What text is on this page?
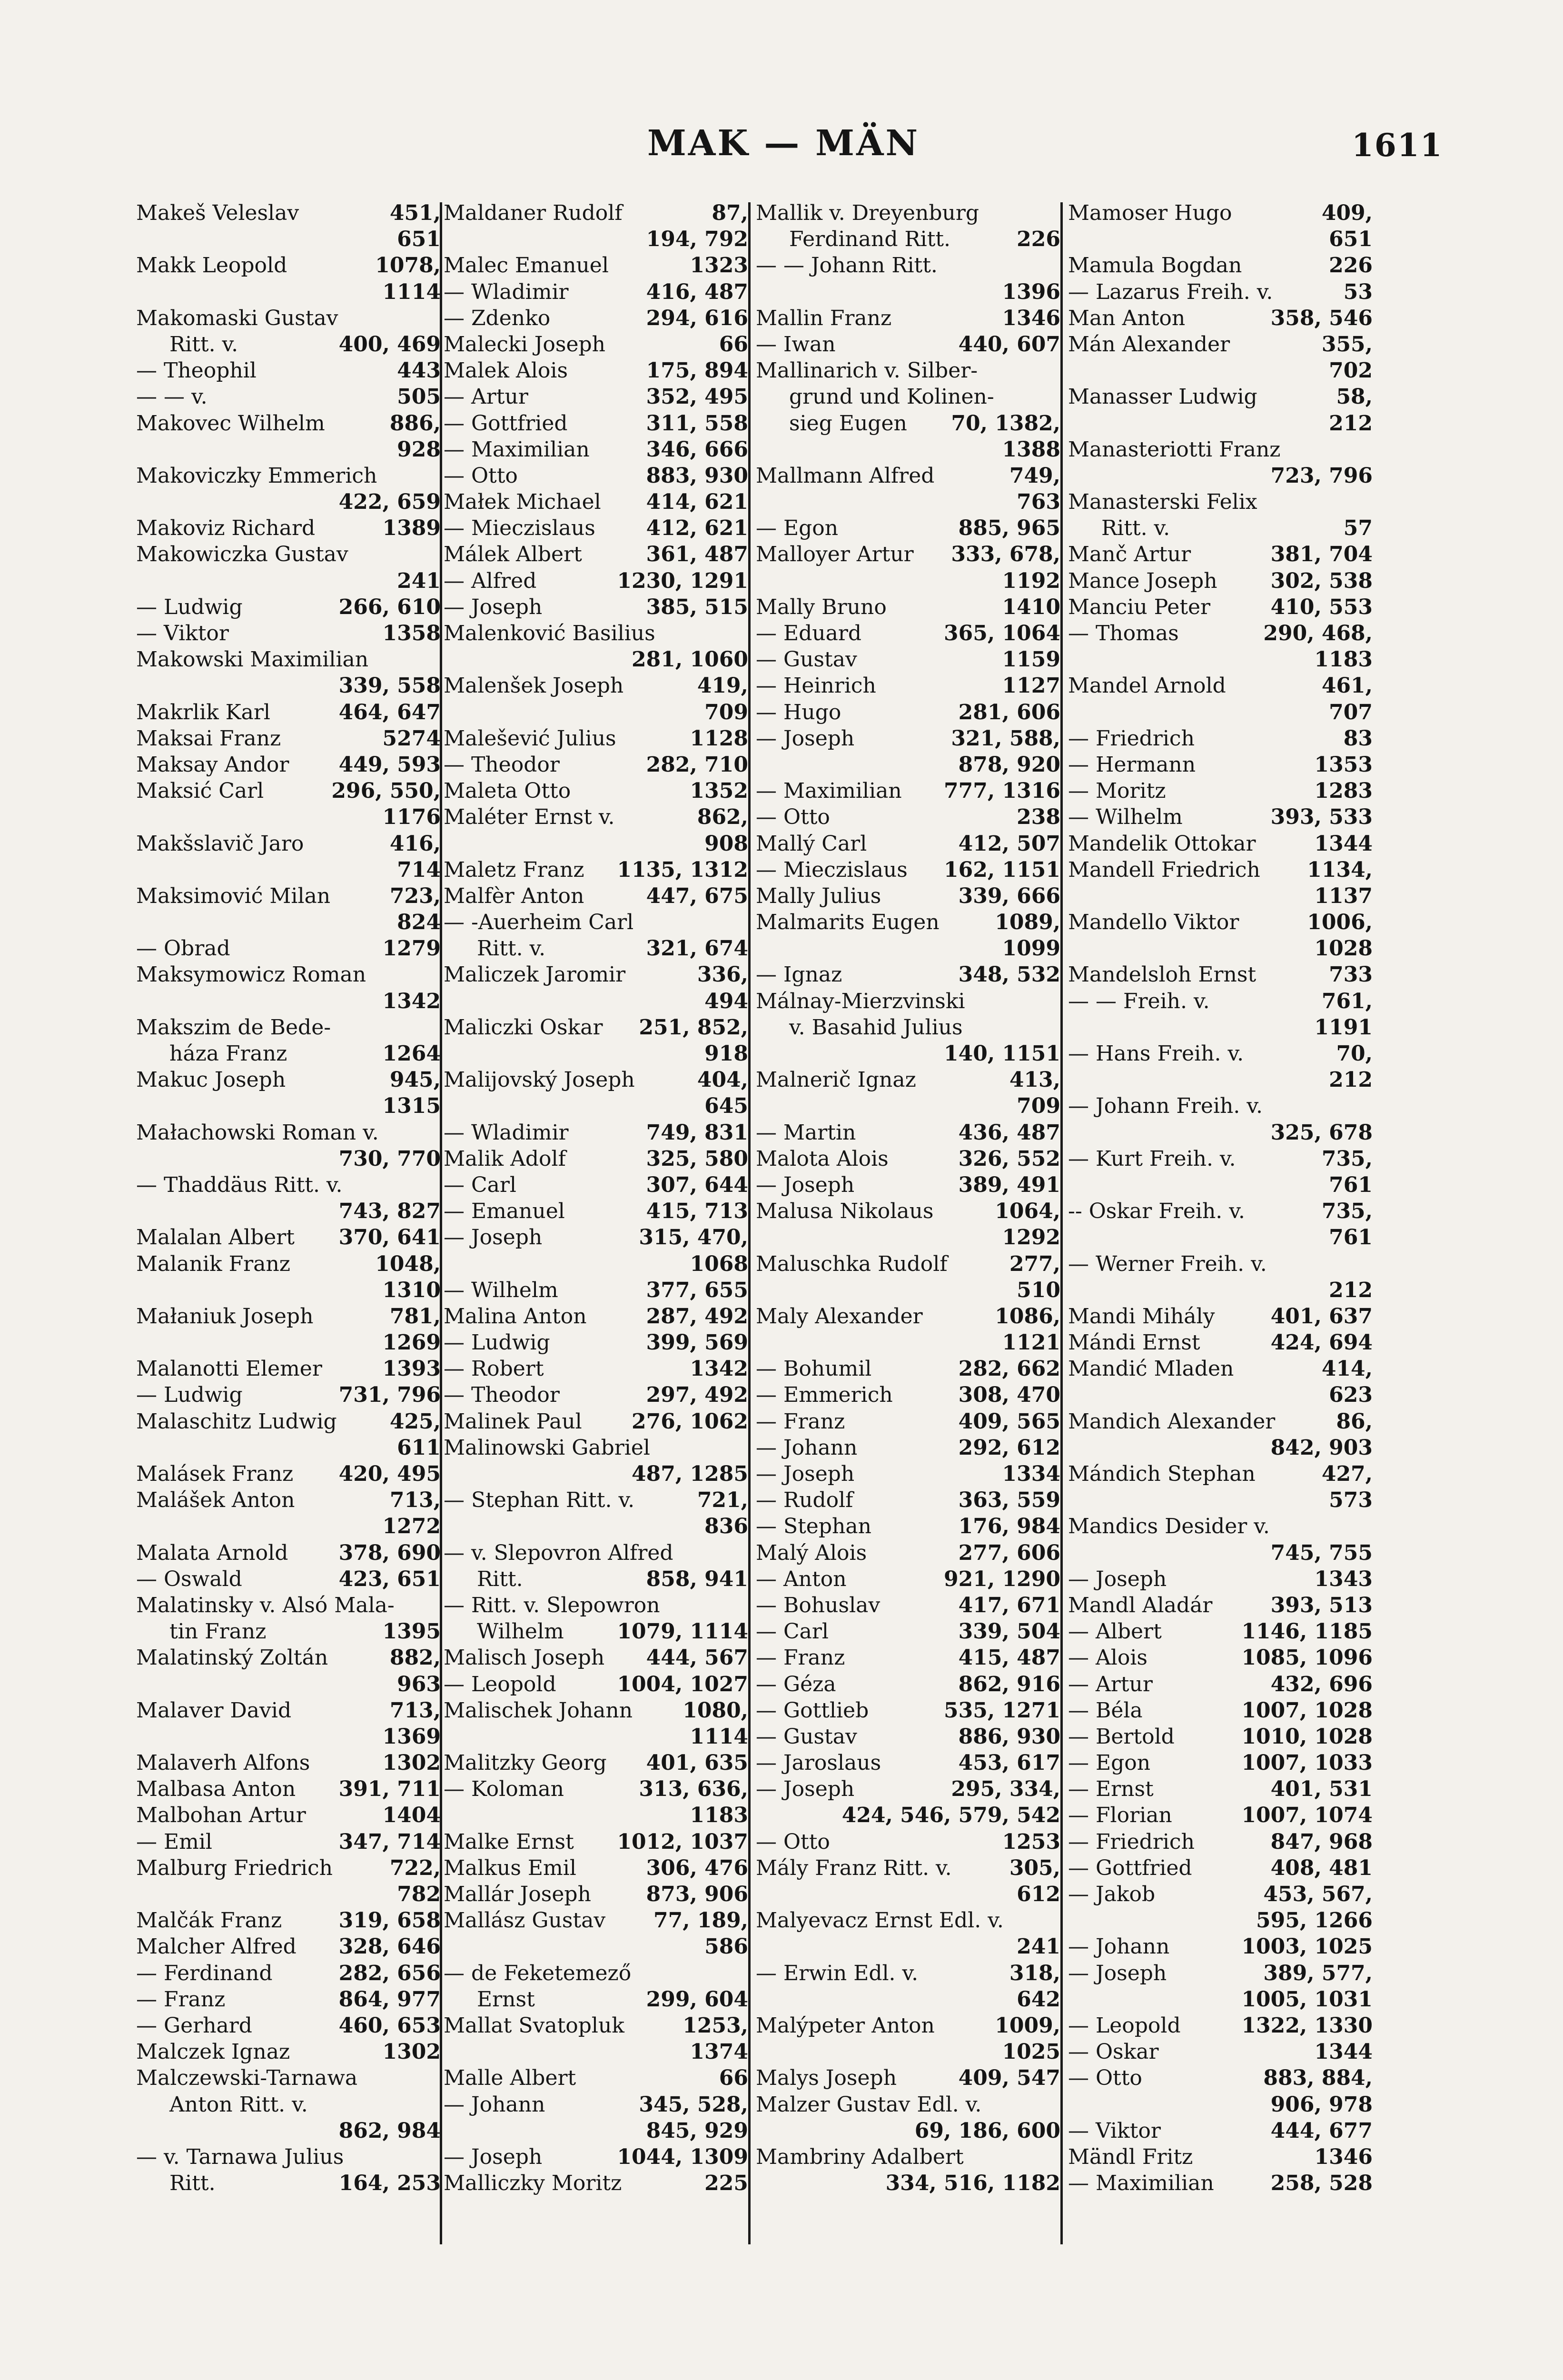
MAK — MÄN	1611
Makeš Veleslav	451,
651
Makk Leopold	1078,
1114
Makomaski Gustav
Ritt. v.	400, 469
— Theophil	443
— — v.	505
Makovec Wilhelm	886,
928
Makoviczky Emmerich
422, 659
Makoviz Richard	1389
Makowiczka Gustav
241
— Ludwig	266, 610
— Viktor	1358
Makowski Maximilian
339, 558
Makrlik Karl	464, 647
Maksai Franz	5274
Maksay Andor 449, 593
Maksić Carl	296, 550,
1176
Makšslavič Jaro	416,
714
Maksimović Milan	723,
824
— Obrad	1279
Maksymowicz Roman
1342
Makszim de Bede-
háza Franz	1264
Makuc Joseph	945,
1315
Małachowski Roman v.
730, 770
— Thaddäus Ritt. v.
743, 827
Malalan Albert 370, 641
Malanik Franz	1048,
1310
Małaniuk Joseph	781,
1269
Malanotti Elemer	1393
— Ludwig	731, 796
Malaschitz Ludwig	425,
611
Malásek Franz 420, 495
Malášek Anton	713,
1272
Malata Arnold 378, 690
— Oswald	423, 651
Malatinsky v. Alsó Mala-
tin Franz	1395
Malatinský Zoltán	882,
963
Malaver David	713,
1369
Malaverh Alfons	1302
Malbasa Anton 391, 711
Malbohan Artur	1404
— Emil	347, 714
Malburg Friedrich	722,
782
Malčák Franz	319, 658
Malcher Alfred 328, 646
— Ferdinand	282, 656
— Franz	864, 977
— Gerhard	460, 653
Malczek Ignaz	1302
Malczewski-Tarnawa
Anton Ritt. v.
862, 984
— v. Tarnawa Julius
Ritt.	164, 253
Maldaner Rudolf	87,
194, 792
Malec Emanuel	1323
— Wladimir	416, 487
— Zdenko	294, 616
Malecki Joseph	66
Malek Alois	175, 894
— Artur	352, 495
— Gottfried	311, 558
— Maximilian	346, 666
— Otto	883, 930
Małek Michael 414, 621
— Mieczislaus 412, 621
Málek Albert	361, 487
— Alfred	1230, 1291
— Joseph	385, 515
Malenković Basilius
281, 1060
Malenšek Joseph	419,
709
Malešević Julius	1128
— Theodor	282, 710
Maleta Otto	1352
Maléter Ernst v.	862,
908
Maletz Franz 1135, 1312
Malfèr Anton	447, 675
— -Auerheim Carl
Ritt. v.	321, 674
Maliczek Jaromir	336,
494
Maliczki Oskar 251, 852,
918
Malijovský Joseph	404,
645
— Wladimir	749, 831
Malik Adolf	325, 580
— Carl	307, 644
— Emanuel	415, 713
— Joseph	315, 470,
1068
— Wilhelm	377, 655
Malina Anton	287, 492
— Ludwig	399, 569
— Robert	1342
— Theodor	297, 492
Malinek Paul 276, 1062
Malinowski Gabriel
487, 1285
— Stephan Ritt. v.	721,
836
— v. Slepovron Alfred
Ritt.	858, 941
— Ritt. v. Slepowron
Wilhelm	1079, 1114
Malisch Joseph 444, 567
— Leopold	1004, 1027
Malischek Johann 1080,
1114
Malitzky Georg 401, 635
— Koloman	313, 636,
1183
Malke Ernst 1012, 1037
Malkus Emil	306, 476
Mallár Joseph	873, 906
Mallász Gustav 77, 189,
586
— de Feketemező
Ernst	299, 604
Mallat Svatopluk	1253,
1374
Malle Albert	66
— Johann	345, 528,
845, 929
— Joseph	1044, 1309
Malliczky Moritz	225
Mallik v. Dreyenburg
Ferdinand Ritt.	226
— — Johann Ritt.
1396
Mallin Franz	1346
— Iwan	440, 607
Mallinarich v. Silber-
grund und Kolinen-
sieg Eugen 70, 1382,
1388
Mallmann Alfred	749,
763
— Egon	885, 965
Malloyer Artur 333, 678,
1192
Mally Bruno	1410
— Eduard	365, 1064
— Gustav	1159
— Heinrich	1127
— Hugo	281, 606
— Joseph	321, 588,
878, 920
— Maximilian 777, 1316
— Otto	238
Mallý Carl	412, 507
— Mieczislaus 162, 1151
Mally Julius	339, 666
Malmarits Eugen	1089,
1099
— Ignaz	348, 532
Málnay-Mierzvinski
v. Basahid Julius
140, 1151
Malnerič Ignaz	413,
709
— Martin	436, 487
Malota Alois	326, 552
— Joseph	389, 491
Malusa Nikolaus	1064,
1292
Maluschka Rudolf	277,
510
Maly Alexander	1086,
1121
— Bohumil	282, 662
— Emmerich	308, 470
— Franz	409, 565
— Johann	292, 612
— Joseph	1334
— Rudolf	363, 559
— Stephan	176, 984
Malý Alois	277, 606
— Anton	921, 1290
— Bohuslav	417, 671
— Carl	339, 504
— Franz	415, 487
— Géza	862, 916
— Gottlieb	535, 1271
— Gustav	886, 930
— Jaroslaus	453, 617
— Joseph	295, 334,
424, 546, 579, 542
— Otto	1253
Mály Franz Ritt. v.	305,
612
Malyevacz Ernst Edl. v.
241
— Erwin Edl. v.	318,
642
Malýpeter Anton	1009,
1025
Malys Joseph	409, 547
Malzer Gustav Edl. v.
69, 186, 600
Mambriny Adalbert
334, 516, 1182
Mamoser Hugo	409,
651
Mamula Bogdan	226
— Lazarus Freih. v.	53
Man Anton	358, 546
Mán Alexander	355,
702
Manasser Ludwig	58,
212
Manasteriotti Franz
723, 796
Manasterski Felix
Ritt. v.	57
Manč Artur	381, 704
Mance Joseph	302, 538
Manciu Peter	410, 553
— Thomas	290, 468,
1183
Mandel Arnold	461,
707
— Friedrich	83
— Hermann	1353
— Moritz	1283
— Wilhelm	393, 533
Mandelik Ottokar	1344
Mandell Friedrich 1134,
1137
Mandello Viktor	1006,
1028
Mandelsloh Ernst	733
— — Freih. v.	761,
1191
— Hans Freih. v.	70,
212
— Johann Freih. v.
325, 678
— Kurt Freih. v.	735,
761
-- Oskar Freih. v.	735,
761
— Werner Freih. v.
212
Mandi Mihály	401, 637
Mándi Ernst	424, 694
Mandić Mladen	414,
623
Mandich Alexander	86,
842, 903
Mándich Stephan	427,
573
Mandics Desider v.
745, 755
— Joseph	1343
Mandl Aladár	393, 513
— Albert	1146, 1185
— Alois	1085, 1096
— Artur	432, 696
— Béla	1007, 1028
— Bertold	1010, 1028
— Egon	1007, 1033
— Ernst	401, 531
— Florian	1007, 1074
— Friedrich	847, 968
— Gottfried	408, 481
— Jakob	453, 567,
595, 1266
— Johann	1003, 1025
— Joseph	389, 577,
1005, 1031
— Leopold	1322, 1330
— Oskar	1344
— Otto	883, 884,
906, 978
— Viktor	444, 677
Mändl Fritz	1346
— Maximilian	258, 528
